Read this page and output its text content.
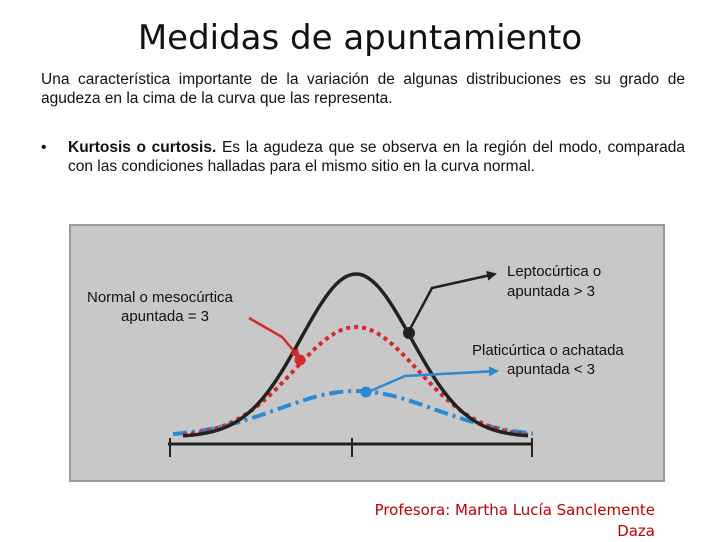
Medidas de apuntamiento
Una característica importante de la variación de algunas distribuciones es su grado de agudeza en la cima de la curva que las representa.
• Kurtosis o curtosis. Es la agudeza que se observa en la región del modo, comparada con las condiciones halladas para el mismo sitio en la curva normal.
Normal o mesocúrtica
apuntada = 3
Leptocúrtica o
apuntada > 3
Platicúrtica o achatada
apuntada < 3
Profesora: Martha Lucía Sanclemente
Daza
